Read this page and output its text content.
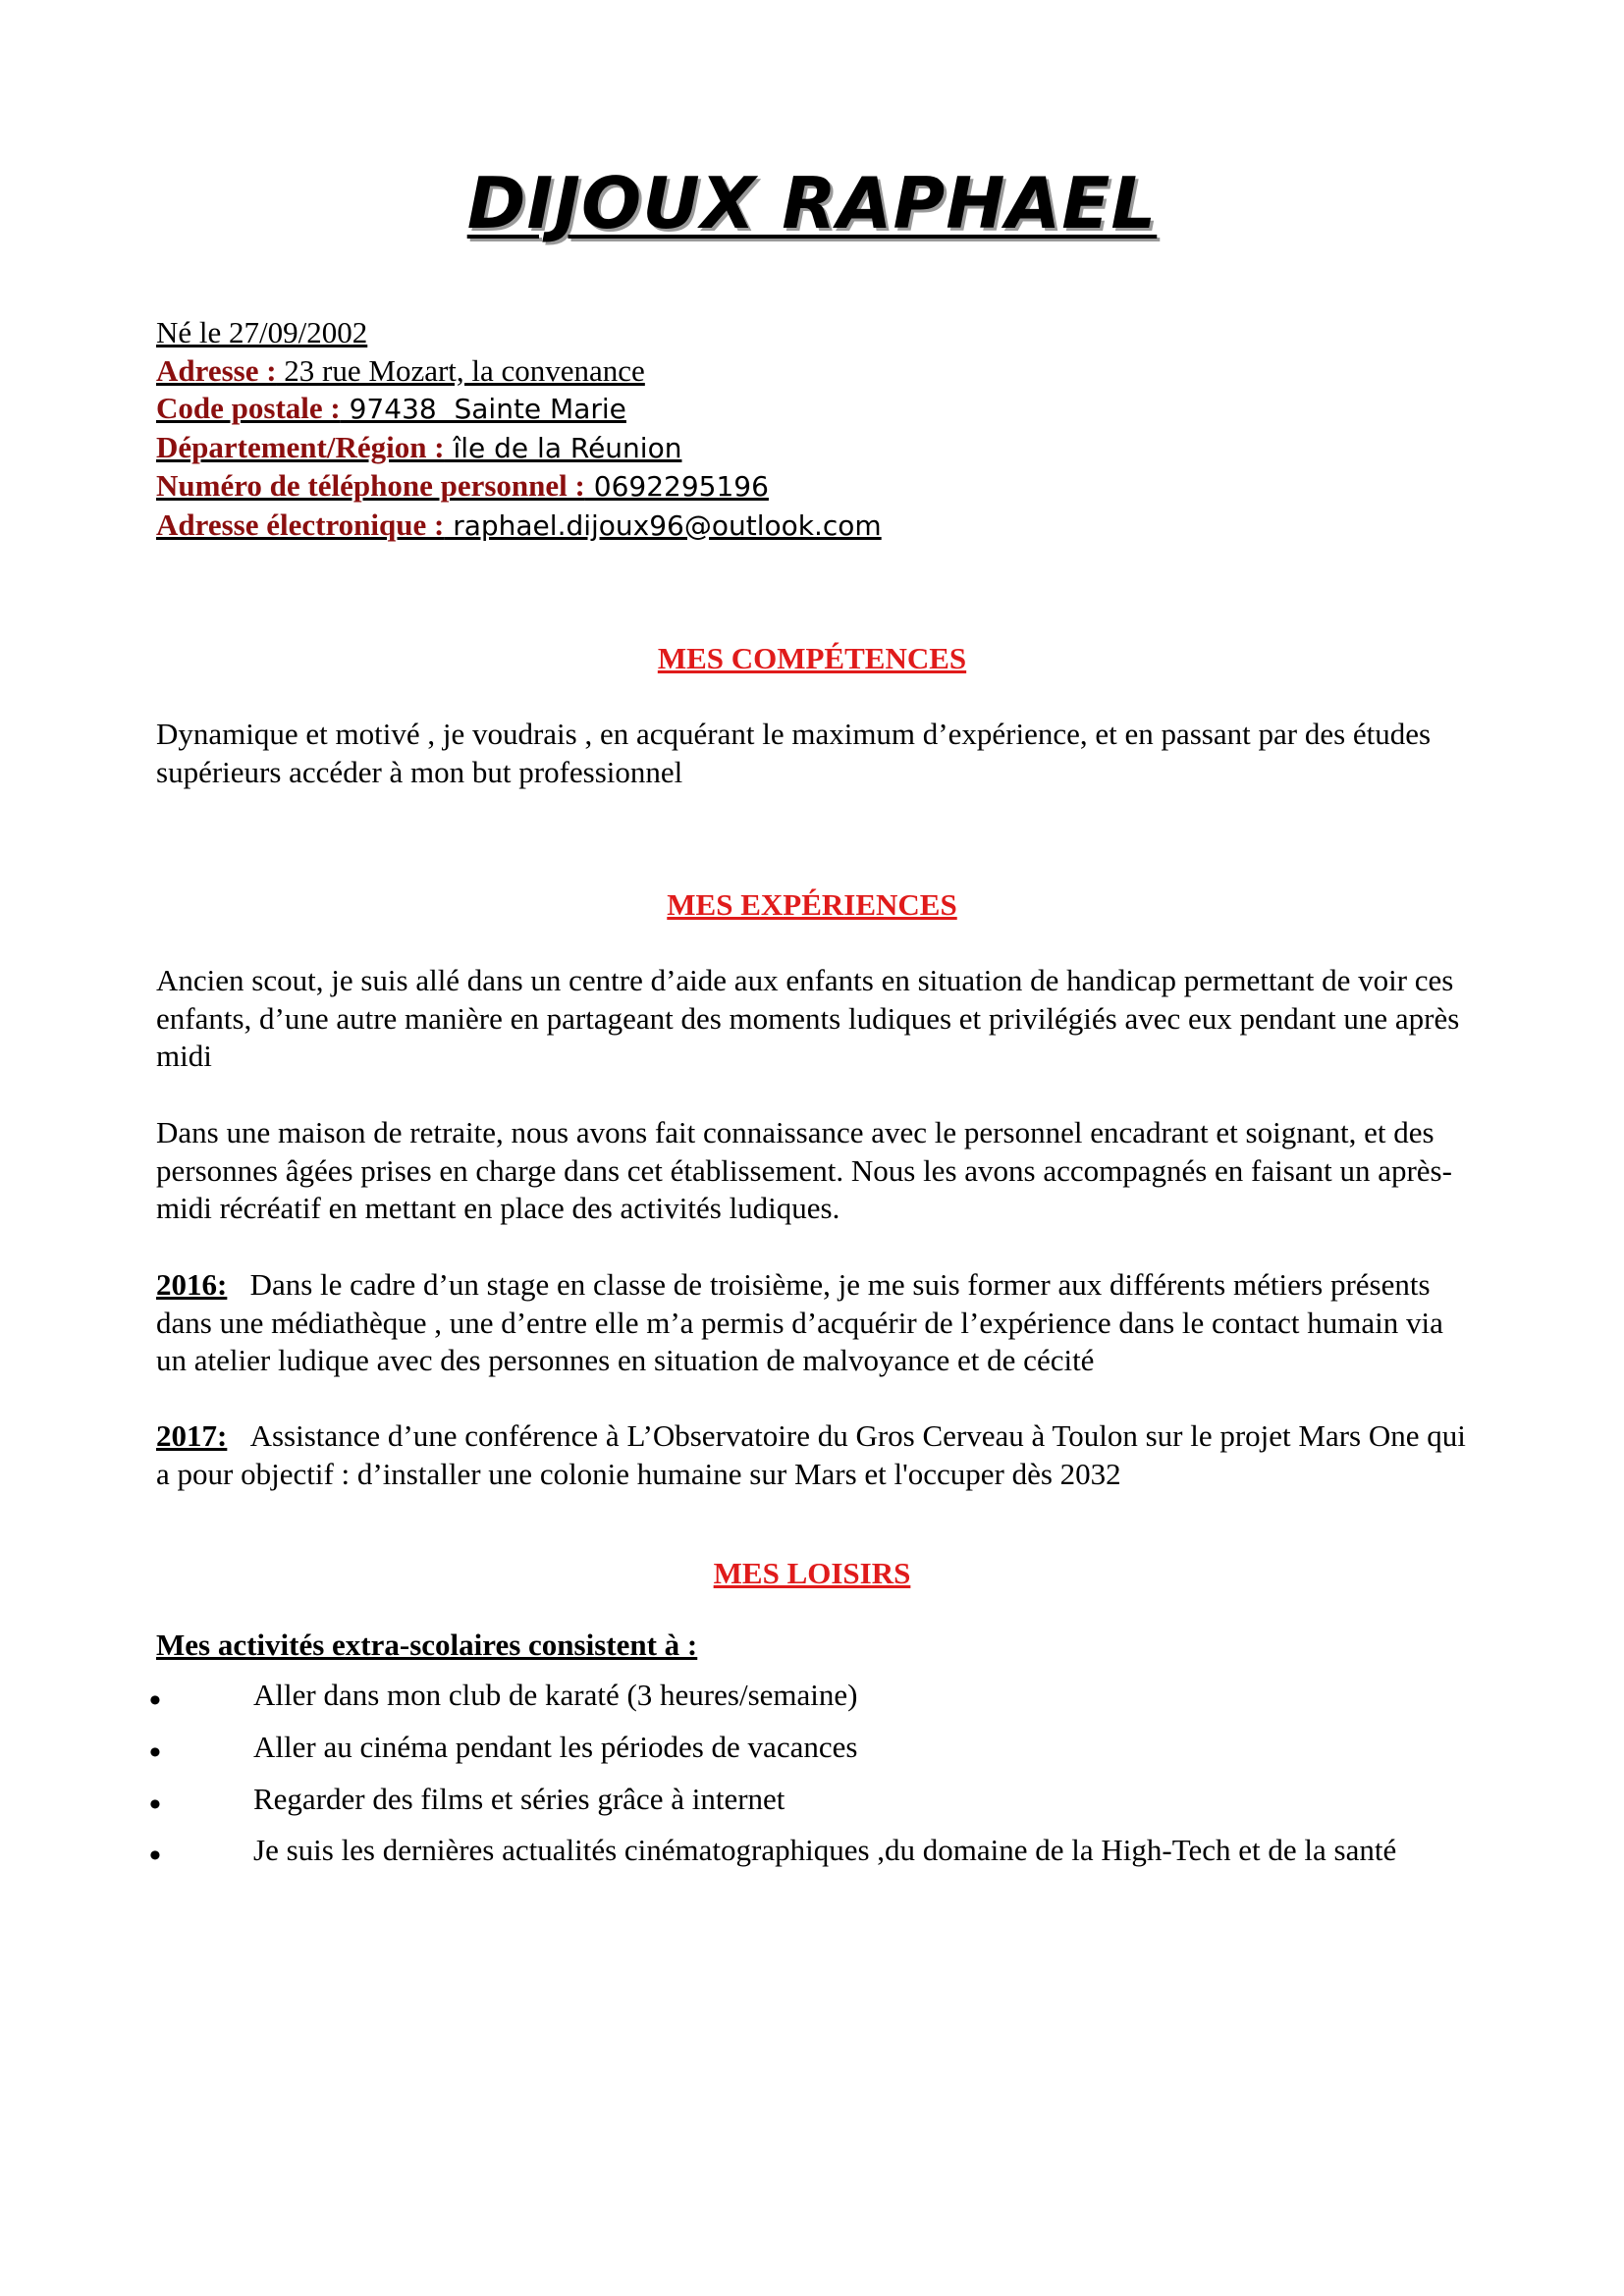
DIJOUX RAPHAEL
Né le 27/09/2002
Adresse : 23 rue Mozart, la convenance
Code postale : 97438  Sainte Marie
Département/Région : île de la Réunion
Numéro de téléphone personnel : 0692295196
Adresse électronique : raphael.dijoux96@outlook.com
MES COMPÉTENCES
Dynamique et motivé , je voudrais , en acquérant le maximum d’expérience, et en passant par des études supérieurs accéder à mon but professionnel
MES EXPÉRIENCES
Ancien scout, je suis allé dans un centre d’aide aux enfants en situation de handicap permettant de voir ces enfants, d’une autre manière en partageant des moments ludiques et privilégiés avec eux pendant une après midi
Dans une maison de retraite, nous avons fait connaissance avec le personnel encadrant et soignant, et des personnes âgées prises en charge dans cet établissement. Nous les avons accompagnés en faisant un après-midi récréatif en mettant en place des activités ludiques.
2016: Dans le cadre d’un stage en classe de troisième, je me suis former aux différents métiers présents dans une médiathèque , une d’entre elle m’a permis d’acquérir de l’expérience dans le contact humain via un atelier ludique avec des personnes en situation de malvoyance et de cécité
2017: Assistance d’une conférence à L’Observatoire du Gros Cerveau à Toulon sur le projet Mars One qui a pour objectif : d’installer une colonie humaine sur Mars et l'occuper dès 2032
MES LOISIRS
Mes activités extra-scolaires consistent à :
•	Aller dans mon club de karaté (3 heures/semaine)
•	Aller au cinéma pendant les périodes de vacances
•	Regarder des films et séries grâce à internet
•	Je suis les dernières actualités cinématographiques ,du domaine de la High-Tech et de la santé
